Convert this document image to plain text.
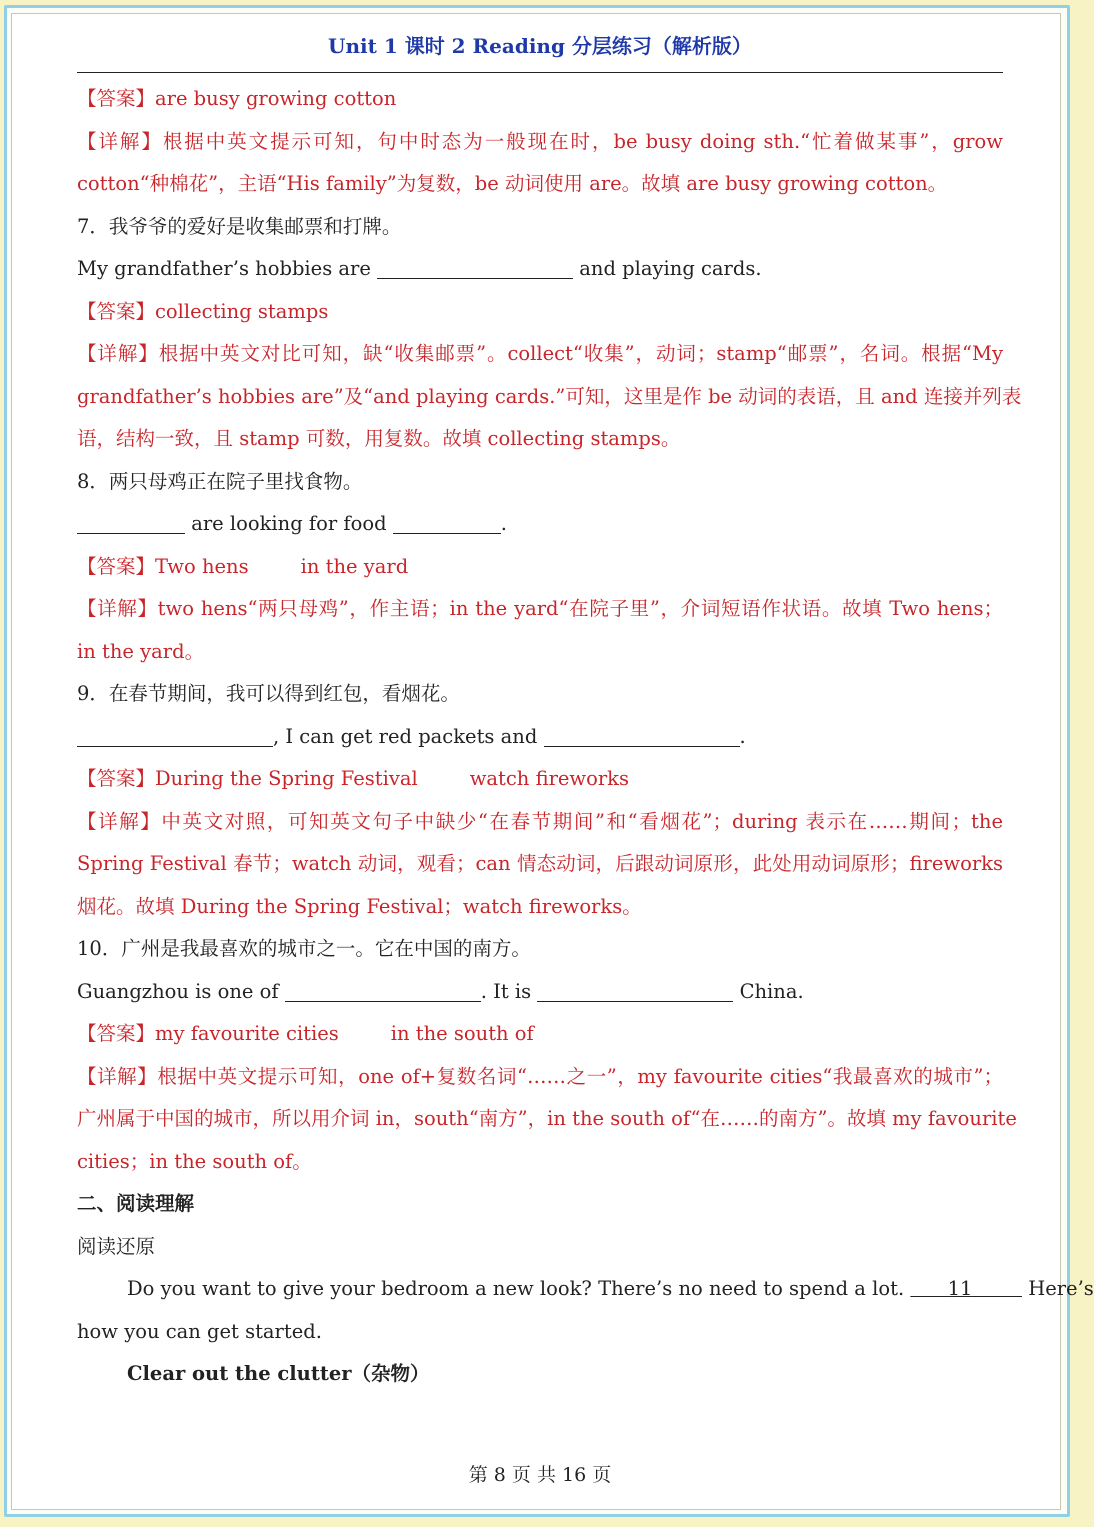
Unit 1 课时 2 Reading 分层练习（解析版）
【答案】are busy growing cotton
【详解】根据中英文提示可知，句中时态为一般现在时，be busy doing sth.“忙着做某事”，grow
cotton“种棉花”，主语“His family”为复数，be 动词使用 are。故填 are busy growing cotton。
7．我爷爷的爱好是收集邮票和打牌。
My grandfather’s hobbies are	and playing cards.
【答案】collecting stamps
【详解】根据中英文对比可知，缺“收集邮票”。collect“收集”，动词；stamp“邮票”，名词。根据“My
grandfather’s hobbies are”及“and playing cards.”可知，这里是作 be 动词的表语，且 and 连接并列表
语，结构一致，且 stamp 可数，用复数。故填 collecting stamps。
8．两只母鸡正在院子里找食物。
are looking for food	.
【答案】Two hens	in the yard
【详解】two hens“两只母鸡”，作主语；in the yard“在院子里”，介词短语作状语。故填 Two hens；
in the yard。
9．在春节期间，我可以得到红包，看烟花。
, I can get red packets and	.
【答案】During the Spring Festival	watch fireworks
【详解】中英文对照，可知英文句子中缺少“在春节期间”和“看烟花”；during 表示在……期间；the
Spring Festival 春节；watch 动词，观看；can 情态动词，后跟动词原形，此处用动词原形；fireworks
烟花。故填 During the Spring Festival；watch fireworks。
10．广州是我最喜欢的城市之一。它在中国的南方。
Guangzhou is one of	. It is	China.
【答案】my favourite cities	in the south of
【详解】根据中英文提示可知，one of+复数名词“……之一”，my favourite cities“我最喜欢的城市”；
广州属于中国的城市，所以用介词 in，south“南方”，in the south of“在……的南方”。故填 my favourite
cities；in the south of。
二、阅读理解
阅读还原
Do you want to give your bedroom a new look? There’s no need to spend a lot. 11	Here’s
how you can get started.
Clear out the clutter（杂物）
第 8 页 共 16 页
